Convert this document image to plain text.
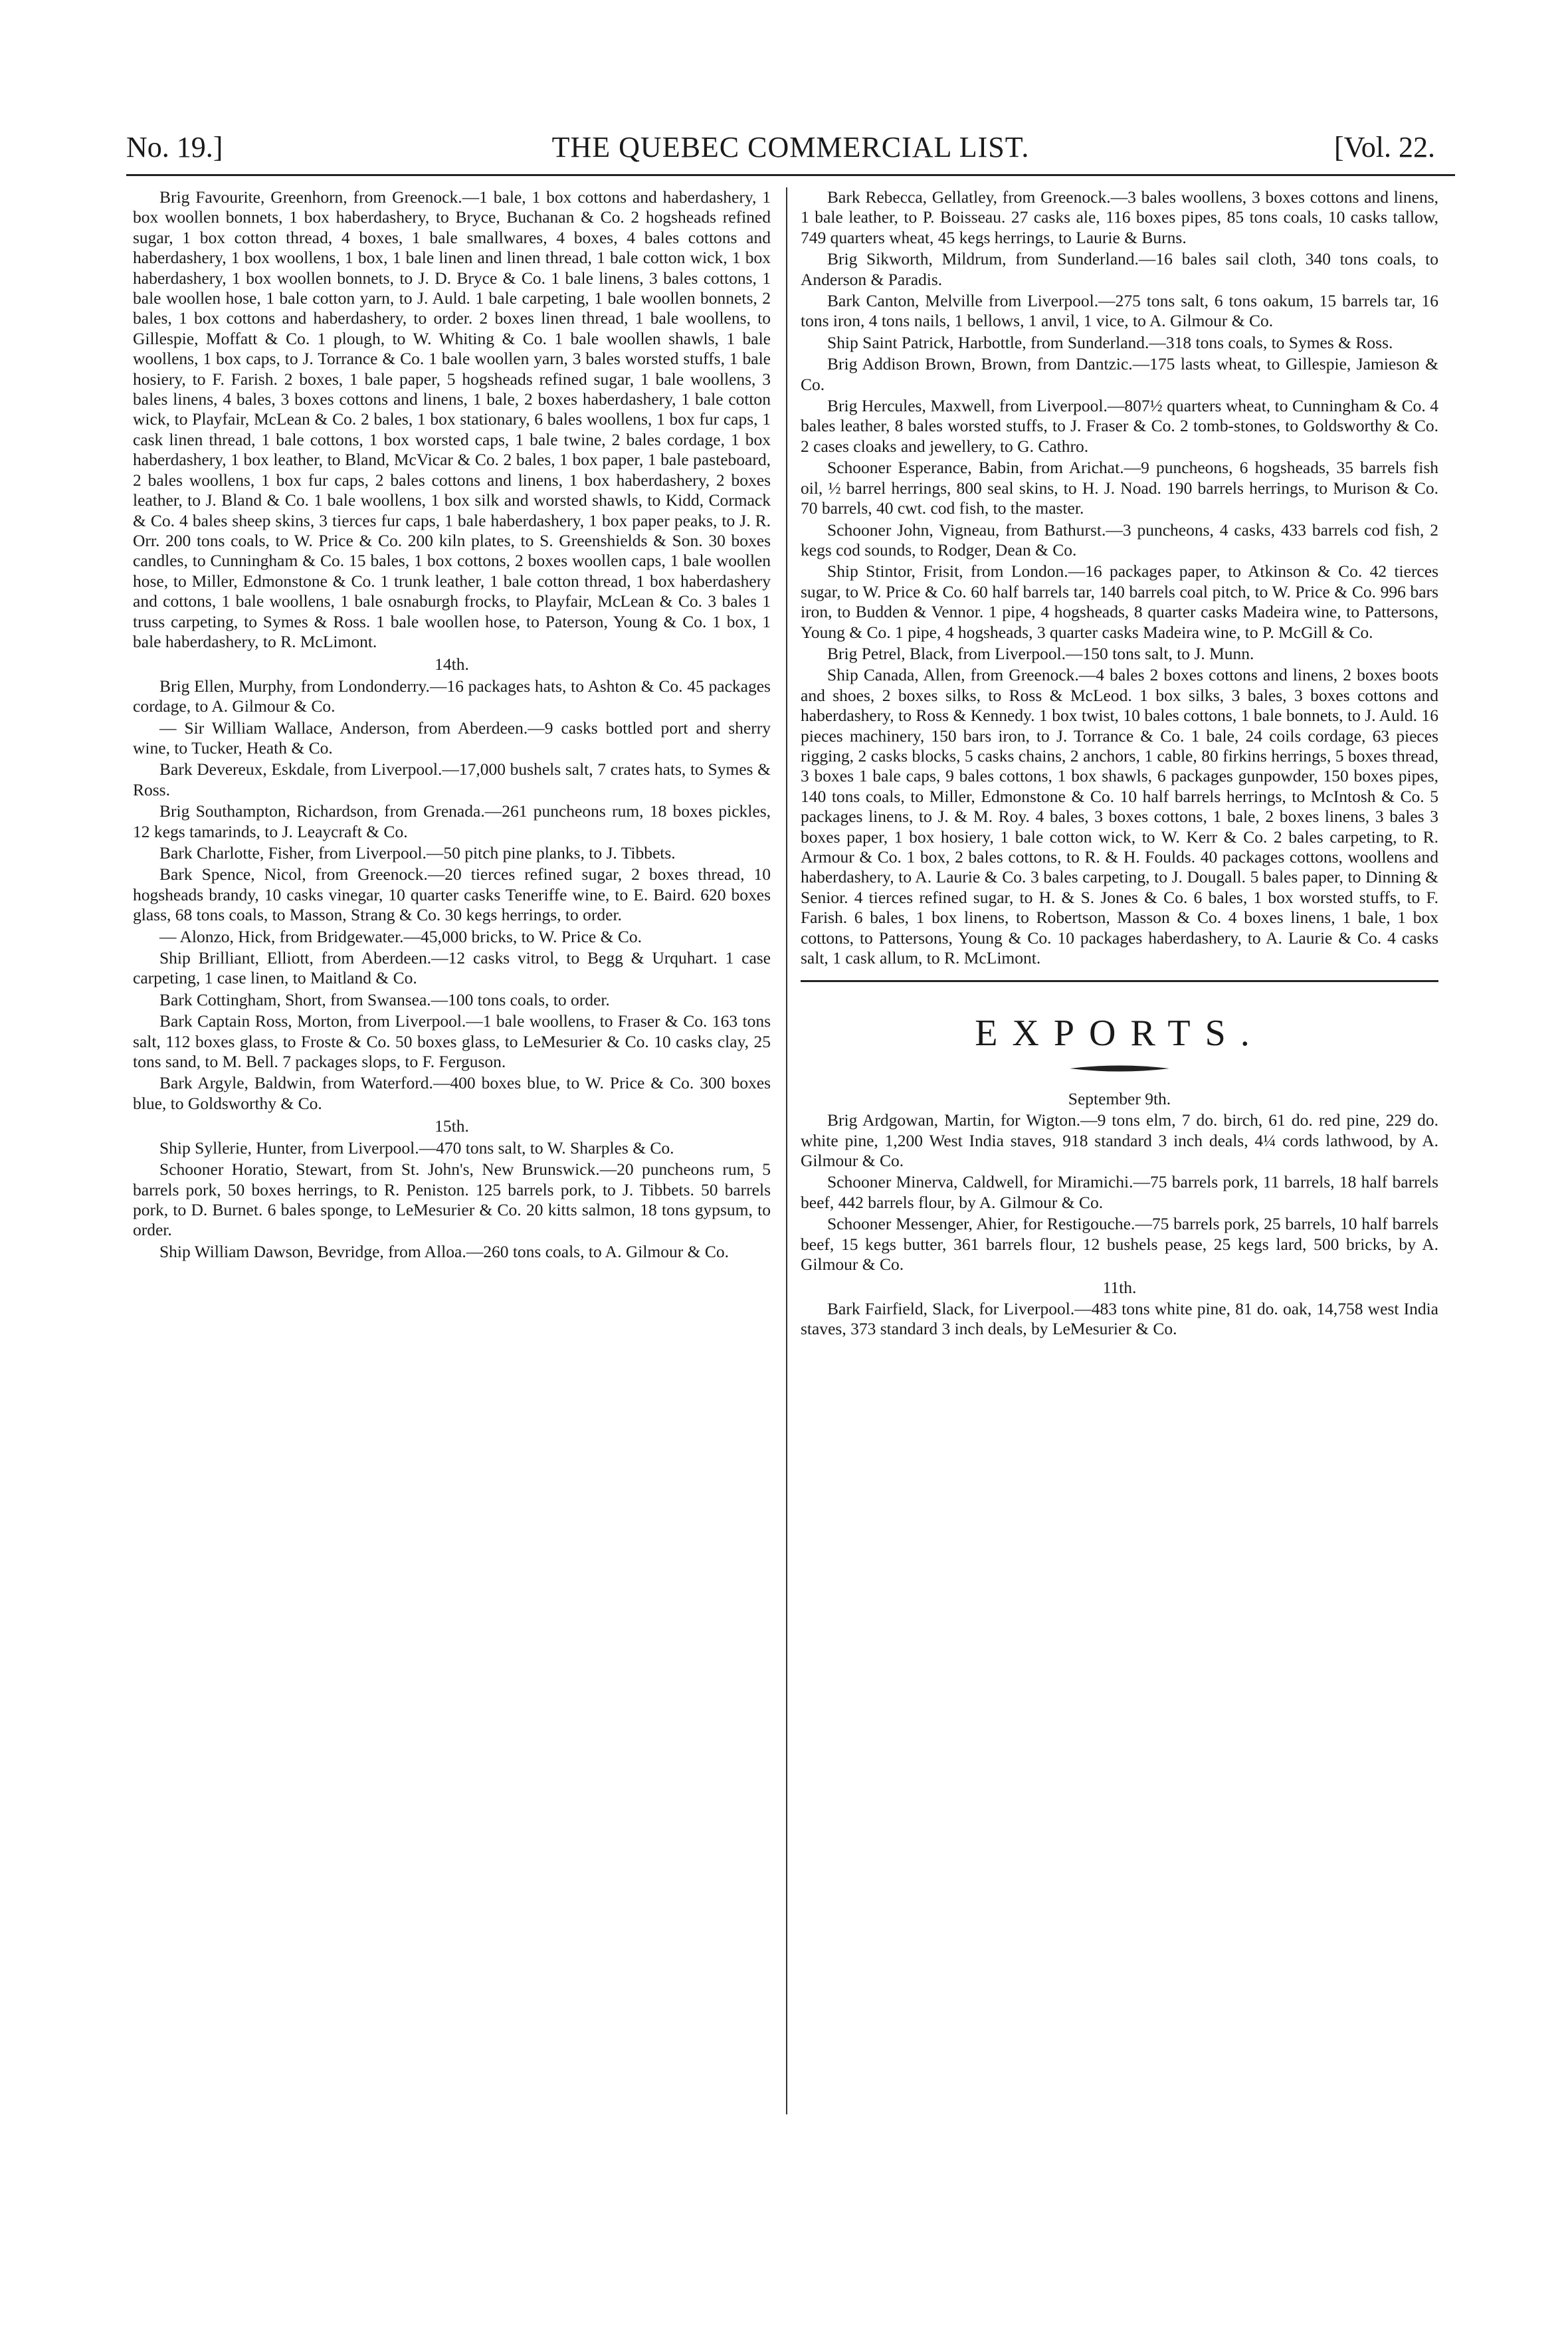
No. 19.]	THE QUEBEC COMMERCIAL LIST.	[Vol. 22.
Brig Favourite, Greenhorn, from Greenock.—1 bale, 1 box cottons and haberdashery, 1 box woollen bonnets, 1 box haberdashery, to Bryce, Buchanan & Co. 2 hogsheads refined sugar, 1 box cotton thread, 4 boxes, 1 bale smallwares, 4 boxes, 4 bales cottons and haberdashery, 1 box woollens, 1 box, 1 bale linen and linen thread, 1 bale cotton wick, 1 box haberdashery, 1 box woollen bonnets, to J. D. Bryce & Co. 1 bale linens, 3 bales cottons, 1 bale woollen hose, 1 bale cotton yarn, to J. Auld. 1 bale carpeting, 1 bale woollen bonnets, 2 bales, 1 box cottons and haberdashery, to order. 2 boxes linen thread, 1 bale woollens, to Gillespie, Moffatt & Co. 1 plough, to W. Whiting & Co. 1 bale woollen shawls, 1 bale woollens, 1 box caps, to J. Torrance & Co. 1 bale woollen yarn, 3 bales worsted stuffs, 1 bale hosiery, to F. Farish. 2 boxes, 1 bale paper, 5 hogsheads refined sugar, 1 bale woollens, 3 bales linens, 4 bales, 3 boxes cottons and linens, 1 bale, 2 boxes haberdashery, 1 bale cotton wick, to Playfair, McLean & Co. 2 bales, 1 box stationary, 6 bales woollens, 1 box fur caps, 1 cask linen thread, 1 bale cottons, 1 box worsted caps, 1 bale twine, 2 bales cordage, 1 box haberdashery, 1 box leather, to Bland, McVicar & Co. 2 bales, 1 box paper, 1 bale pasteboard, 2 bales woollens, 1 box fur caps, 2 bales cottons and linens, 1 box haberdashery, 2 boxes leather, to J. Bland & Co. 1 bale woollens, 1 box silk and worsted shawls, to Kidd, Cormack & Co. 4 bales sheep skins, 3 tierces fur caps, 1 bale haberdashery, 1 box paper peaks, to J. R. Orr. 200 tons coals, to W. Price & Co. 200 kiln plates, to S. Greenshields & Son. 30 boxes candles, to Cunningham & Co. 15 bales, 1 box cottons, 2 boxes woollen caps, 1 bale woollen hose, to Miller, Edmonstone & Co. 1 trunk leather, 1 bale cotton thread, 1 box haberdashery and cottons, 1 bale woollens, 1 bale osnaburgh frocks, to Playfair, McLean & Co. 3 bales 1 truss carpeting, to Symes & Ross. 1 bale woollen hose, to Paterson, Young & Co. 1 box, 1 bale haberdashery, to R. McLimont.
14th.
Brig Ellen, Murphy, from Londonderry.—16 packages hats, to Ashton & Co. 45 packages cordage, to A. Gilmour & Co.
— Sir William Wallace, Anderson, from Aberdeen.—9 casks bottled port and sherry wine, to Tucker, Heath & Co.
Bark Devereux, Eskdale, from Liverpool.—17,000 bushels salt, 7 crates hats, to Symes & Ross.
Brig Southampton, Richardson, from Grenada.—261 puncheons rum, 18 boxes pickles, 12 kegs tamarinds, to J. Leaycraft & Co.
Bark Charlotte, Fisher, from Liverpool.—50 pitch pine planks, to J. Tibbets.
Bark Spence, Nicol, from Greenock.—20 tierces refined sugar, 2 boxes thread, 10 hogsheads brandy, 10 casks vinegar, 10 quarter casks Teneriffe wine, to E. Baird. 620 boxes glass, 68 tons coals, to Masson, Strang & Co. 30 kegs herrings, to order.
— Alonzo, Hick, from Bridgewater.—45,000 bricks, to W. Price & Co.
Ship Brilliant, Elliott, from Aberdeen.—12 casks vitrol, to Begg & Urquhart. 1 case carpeting, 1 case linen, to Maitland & Co.
Bark Cottingham, Short, from Swansea.—100 tons coals, to order.
Bark Captain Ross, Morton, from Liverpool.—1 bale woollens, to Fraser & Co. 163 tons salt, 112 boxes glass, to Froste & Co. 50 boxes glass, to LeMesurier & Co. 10 casks clay, 25 tons sand, to M. Bell. 7 packages slops, to F. Ferguson.
Bark Argyle, Baldwin, from Waterford.—400 boxes blue, to W. Price & Co. 300 boxes blue, to Goldsworthy & Co.
15th.
Ship Syllerie, Hunter, from Liverpool.—470 tons salt, to W. Sharples & Co.
Schooner Horatio, Stewart, from St. John's, New Brunswick.—20 puncheons rum, 5 barrels pork, 50 boxes herrings, to R. Peniston. 125 barrels pork, to J. Tibbets. 50 barrels pork, to D. Burnet. 6 bales sponge, to LeMesurier & Co. 20 kitts salmon, 18 tons gypsum, to order.
Ship William Dawson, Bevridge, from Alloa.—260 tons coals, to A. Gilmour & Co.
Bark Rebecca, Gellatley, from Greenock.—3 bales woollens, 3 boxes cottons and linens, 1 bale leather, to P. Boisseau. 27 casks ale, 116 boxes pipes, 85 tons coals, 10 casks tallow, 749 quarters wheat, 45 kegs herrings, to Laurie & Burns.
Brig Sikworth, Mildrum, from Sunderland.—16 bales sail cloth, 340 tons coals, to Anderson & Paradis.
Bark Canton, Melville from Liverpool.—275 tons salt, 6 tons oakum, 15 barrels tar, 16 tons iron, 4 tons nails, 1 bellows, 1 anvil, 1 vice, to A. Gilmour & Co.
Ship Saint Patrick, Harbottle, from Sunderland.—318 tons coals, to Symes & Ross.
Brig Addison Brown, Brown, from Dantzic.—175 lasts wheat, to Gillespie, Jamieson & Co.
Brig Hercules, Maxwell, from Liverpool.—807½ quarters wheat, to Cunningham & Co. 4 bales leather, 8 bales worsted stuffs, to J. Fraser & Co. 2 tomb-stones, to Goldsworthy & Co. 2 cases cloaks and jewellery, to G. Cathro.
Schooner Esperance, Babin, from Arichat.—9 puncheons, 6 hogsheads, 35 barrels fish oil, ½ barrel herrings, 800 seal skins, to H. J. Noad. 190 barrels herrings, to Murison & Co. 70 barrels, 40 cwt. cod fish, to the master.
Schooner John, Vigneau, from Bathurst.—3 puncheons, 4 casks, 433 barrels cod fish, 2 kegs cod sounds, to Rodger, Dean & Co.
Ship Stintor, Frisit, from London.—16 packages paper, to Atkinson & Co. 42 tierces sugar, to W. Price & Co. 60 half barrels tar, 140 barrels coal pitch, to W. Price & Co. 996 bars iron, to Budden & Vennor. 1 pipe, 4 hogsheads, 8 quarter casks Madeira wine, to Pattersons, Young & Co. 1 pipe, 4 hogsheads, 3 quarter casks Madeira wine, to P. McGill & Co.
Brig Petrel, Black, from Liverpool.—150 tons salt, to J. Munn.
Ship Canada, Allen, from Greenock.—4 bales 2 boxes cottons and linens, 2 boxes boots and shoes, 2 boxes silks, to Ross & McLeod. 1 box silks, 3 bales, 3 boxes cottons and haberdashery, to Ross & Kennedy. 1 box twist, 10 bales cottons, 1 bale bonnets, to J. Auld. 16 pieces machinery, 150 bars iron, to J. Torrance & Co. 1 bale, 24 coils cordage, 63 pieces rigging, 2 casks blocks, 5 casks chains, 2 anchors, 1 cable, 80 firkins herrings, 5 boxes thread, 3 boxes 1 bale caps, 9 bales cottons, 1 box shawls, 6 packages gunpowder, 150 boxes pipes, 140 tons coals, to Miller, Edmonstone & Co. 10 half barrels herrings, to McIntosh & Co. 5 packages linens, to J. & M. Roy. 4 bales, 3 boxes cottons, 1 bale, 2 boxes linens, 3 bales 3 boxes paper, 1 box hosiery, 1 bale cotton wick, to W. Kerr & Co. 2 bales carpeting, to R. Armour & Co. 1 box, 2 bales cottons, to R. & H. Foulds. 40 packages cottons, woollens and haberdashery, to A. Laurie & Co. 3 bales carpeting, to J. Dougall. 5 bales paper, to Dinning & Senior. 4 tierces refined sugar, to H. & S. Jones & Co. 6 bales, 1 box worsted stuffs, to F. Farish. 6 bales, 1 box linens, to Robertson, Masson & Co. 4 boxes linens, 1 bale, 1 box cottons, to Pattersons, Young & Co. 10 packages haberdashery, to A. Laurie & Co. 4 casks salt, 1 cask allum, to R. McLimont.
EXPORTS.
September 9th.
Brig Ardgowan, Martin, for Wigton.—9 tons elm, 7 do. birch, 61 do. red pine, 229 do. white pine, 1,200 West India staves, 918 standard 3 inch deals, 4¼ cords lathwood, by A. Gilmour & Co.
Schooner Minerva, Caldwell, for Miramichi.—75 barrels pork, 11 barrels, 18 half barrels beef, 442 barrels flour, by A. Gilmour & Co.
Schooner Messenger, Ahier, for Restigouche.—75 barrels pork, 25 barrels, 10 half barrels beef, 15 kegs butter, 361 barrels flour, 12 bushels pease, 25 kegs lard, 500 bricks, by A. Gilmour & Co.
11th.
Bark Fairfield, Slack, for Liverpool.—483 tons white pine, 81 do. oak, 14,758 west India staves, 373 standard 3 inch deals, by LeMesurier & Co.
